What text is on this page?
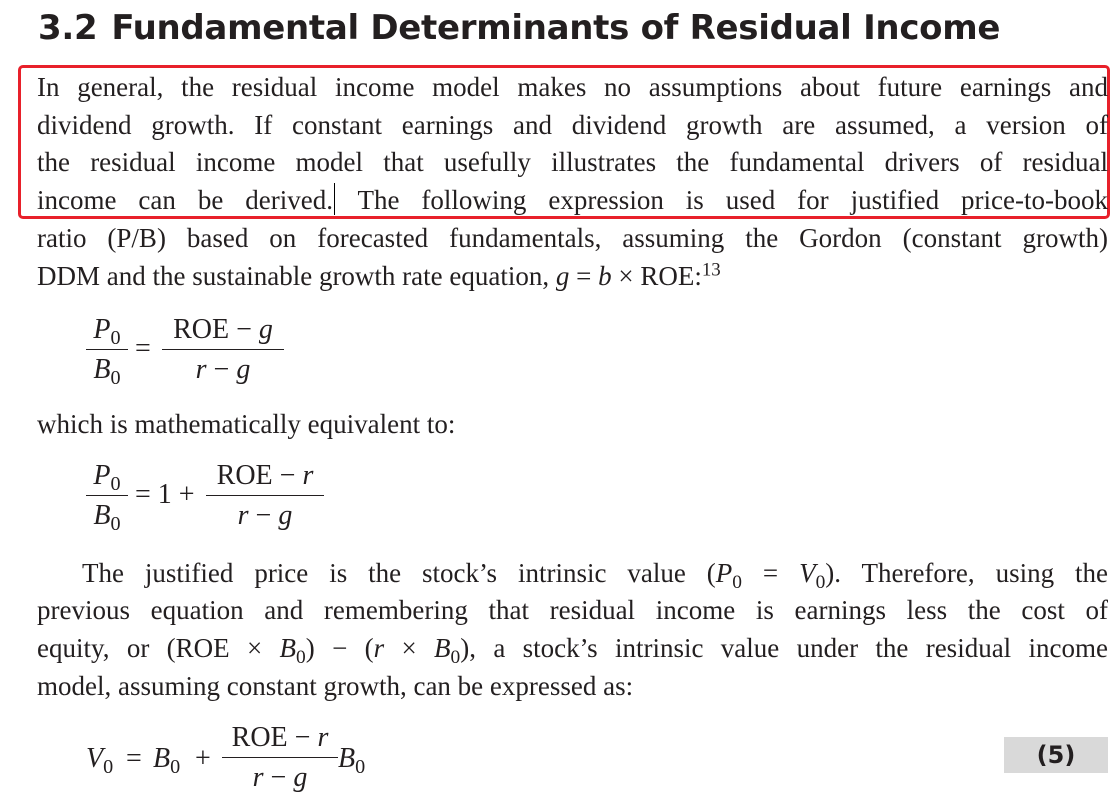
3.2 Fundamental Determinants of Residual Income
In general, the residual income model makes no assumptions about future earnings and
dividend growth. If constant earnings and dividend growth are assumed, a version of
the residual income model that usefully illustrates the fundamental drivers of residual
income can be derived. The following expression is used for justified price-to-book
ratio (P/B) based on forecasted fundamentals, assuming the Gordon (constant growth)
DDM and the sustainable growth rate equation, g = b × ROE:$^{13}$
$P_0$
$B_0$
=
ROE − g
r − g
which is mathematically equivalent to:
$P_0$
$B_0$
= 1 +
ROE − r
r − g
The justified price is the stock’s intrinsic value $(P_0 = V_0)$. Therefore, using the
previous equation and remembering that residual income is earnings less the cost of
equity, or $(ROE \times B_0) - (r \times B_0)$, a stock’s intrinsic value under the residual income
model, assuming constant growth, can be expressed as:
$V_0 = B_0$ +
ROE − r
r − g
$B_0$	(5)
